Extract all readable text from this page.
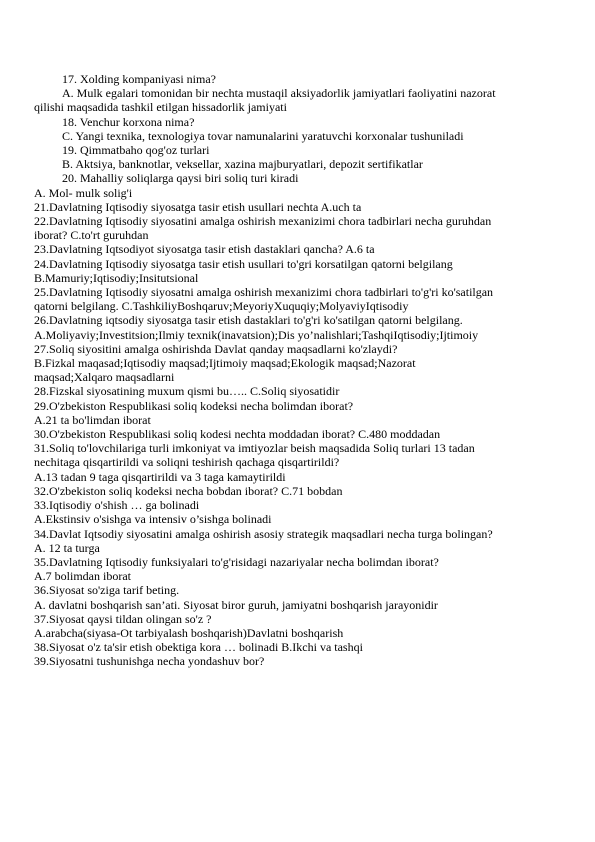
17. Xolding kompaniyasi nima?

A. Mulk egalari tomonidan bir nechta mustaqil aksiyadorlik jamiyatlari faoliyatini nazorat

qilishi maqsadida tashkil etilgan hissadorlik jamiyati

18. Venchur korxona nima?

C. Yangi texnika, texnologiya tovar namunalarini yaratuvchi korxonalar tushuniladi

19. Qimmatbaho qog'oz turlari

B. Aktsiya, banknotlar, veksellar, xazina majburyatlari, depozit sertifikatlar

20. Mahalliy soliqlarga qaysi biri soliq turi kiradi

A. Mol- mulk solig'i

21.Davlatning Iqtisodiy siyosatga tasir etish usullari nechta A.uch ta

22.Davlatning Iqtisodiy siyosatini amalga oshirish mexanizimi chora tadbirlari necha guruhdan

iborat? C.to'rt guruhdan

23.Davlatning Iqtsodiyot siyosatga tasir etish dastaklari qancha? A.6 ta

24.Davlatning Iqtisodiy siyosatga tasir etish usullari to'gri korsatilgan qatorni belgilang

B.Mamuriy;Iqtisodiy;Insitutsional

25.Davlatning Iqtisodiy siyosatni amalga oshirish mexanizimi chora tadbirlari to'g'ri ko'satilgan

qatorni belgilang. C.TashkiliyBoshqaruv;MeyoriyXuquqiy;MolyaviyIqtisodiy

26.Davlatning iqtsodiy siyosatga tasir etish dastaklari to'g'ri ko'satilgan qatorni belgilang.

A.Moliyaviy;Investitsion;Ilmiy texnik(inavatsion);Dis yo’nalishlari;TashqiIqtisodiy;Ijtimoiy

27.Soliq siyositini amalga oshirishda Davlat qanday maqsadlarni ko'zlaydi?

B.Fizkal maqasad;Iqtisodiy maqsad;Ijtimoiy maqsad;Ekologik maqsad;Nazorat

maqsad;Xalqaro maqsadlarni

28.Fizskal siyosatining muxum qismi bu….. C.Soliq siyosatidir

29.O'zbekiston Respublikasi soliq kodeksi necha bolimdan iborat?

A.21 ta bo'limdan iborat

30.O'zbekiston Respublikasi soliq kodesi nechta moddadan iborat? C.480 moddadan

31.Soliq to'lovchilariga turli imkoniyat va imtiyozlar beish maqsadida Soliq turlari 13 tadan

nechitaga qisqartirildi va soliqni teshirish qachaga qisqartirildi?

A.13 tadan 9 taga qisqartirildi va 3 taga kamaytirildi

32.O'zbekiston soliq kodeksi necha bobdan iborat? C.71 bobdan

33.Iqtisodiy o'shish … ga bolinadi

A.Ekstinsiv o'sishga va intensiv o’sishga bolinadi

34.Davlat Iqtsodiy siyosatini amalga oshirish asosiy strategik maqsadlari necha turga bolingan?

A. 12 ta turga

35.Davlatning Iqtisodiy funksiyalari to'g'risidagi nazariyalar necha bolimdan iborat?

A.7 bolimdan iborat

36.Siyosat so'ziga tarif beting.

A. davlatni boshqarish san’ati. Siyosat biror guruh, jamiyatni boshqarish jarayonidir

37.Siyosat qaysi tildan olingan so'z ?

A.arabcha(siyasa-Ot tarbiyalash boshqarish)Davlatni boshqarish

38.Siyosat o'z ta'sir etish obektiga kora … bolinadi B.Ikchi va tashqi

39.Siyosatni tushunishga necha yondashuv bor?
